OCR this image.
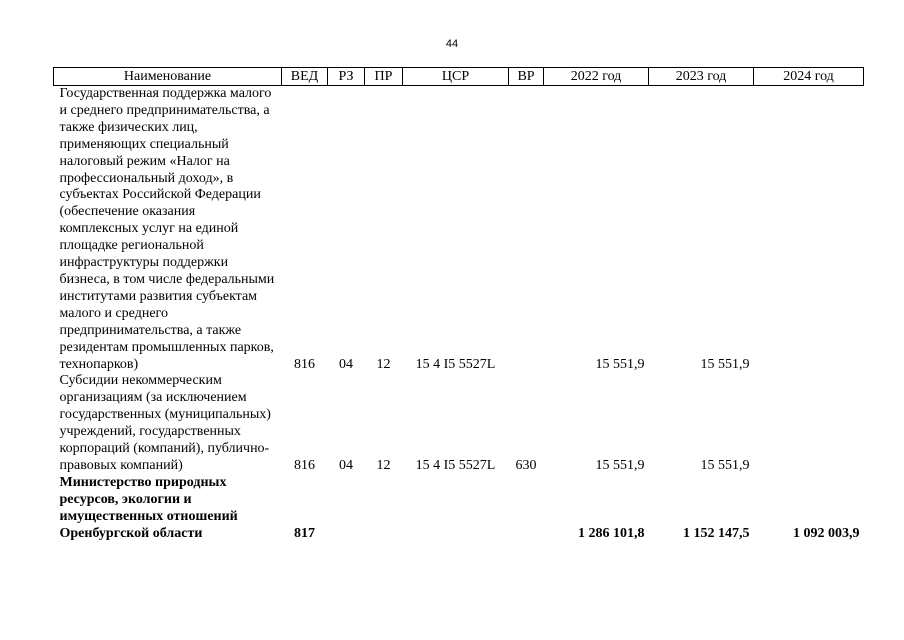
44
Наименование	ВЕД	РЗ	ПР	ЦСР	ВР	2022 год	2023 год	2024 год
Государственная поддержка малого и среднего предпринимательства, а также физических лиц, применяющих специальный налоговый режим «Налог на профессиональный доход», в субъектах Российской Федерации (обеспечение оказания комплексных услуг на единой площадке региональной инфраструктуры поддержки бизнеса, в том числе федеральными институтами развития субъектам малого и среднего предпринимательства, а также резидентам промышленных парков, технопарков)	816	04	12	15 4 I5 5527L		15 551,9	15 551,9	
Субсидии некоммерческим организациям (за исключением государственных (муниципальных) учреждений, государственных корпораций (компаний), публично-правовых компаний)	816	04	12	15 4 I5 5527L	630	15 551,9	15 551,9	
Министерство природных ресурсов, экологии и имущественных отношений Оренбургской области	817					1 286 101,8	1 152 147,5	1 092 003,9
